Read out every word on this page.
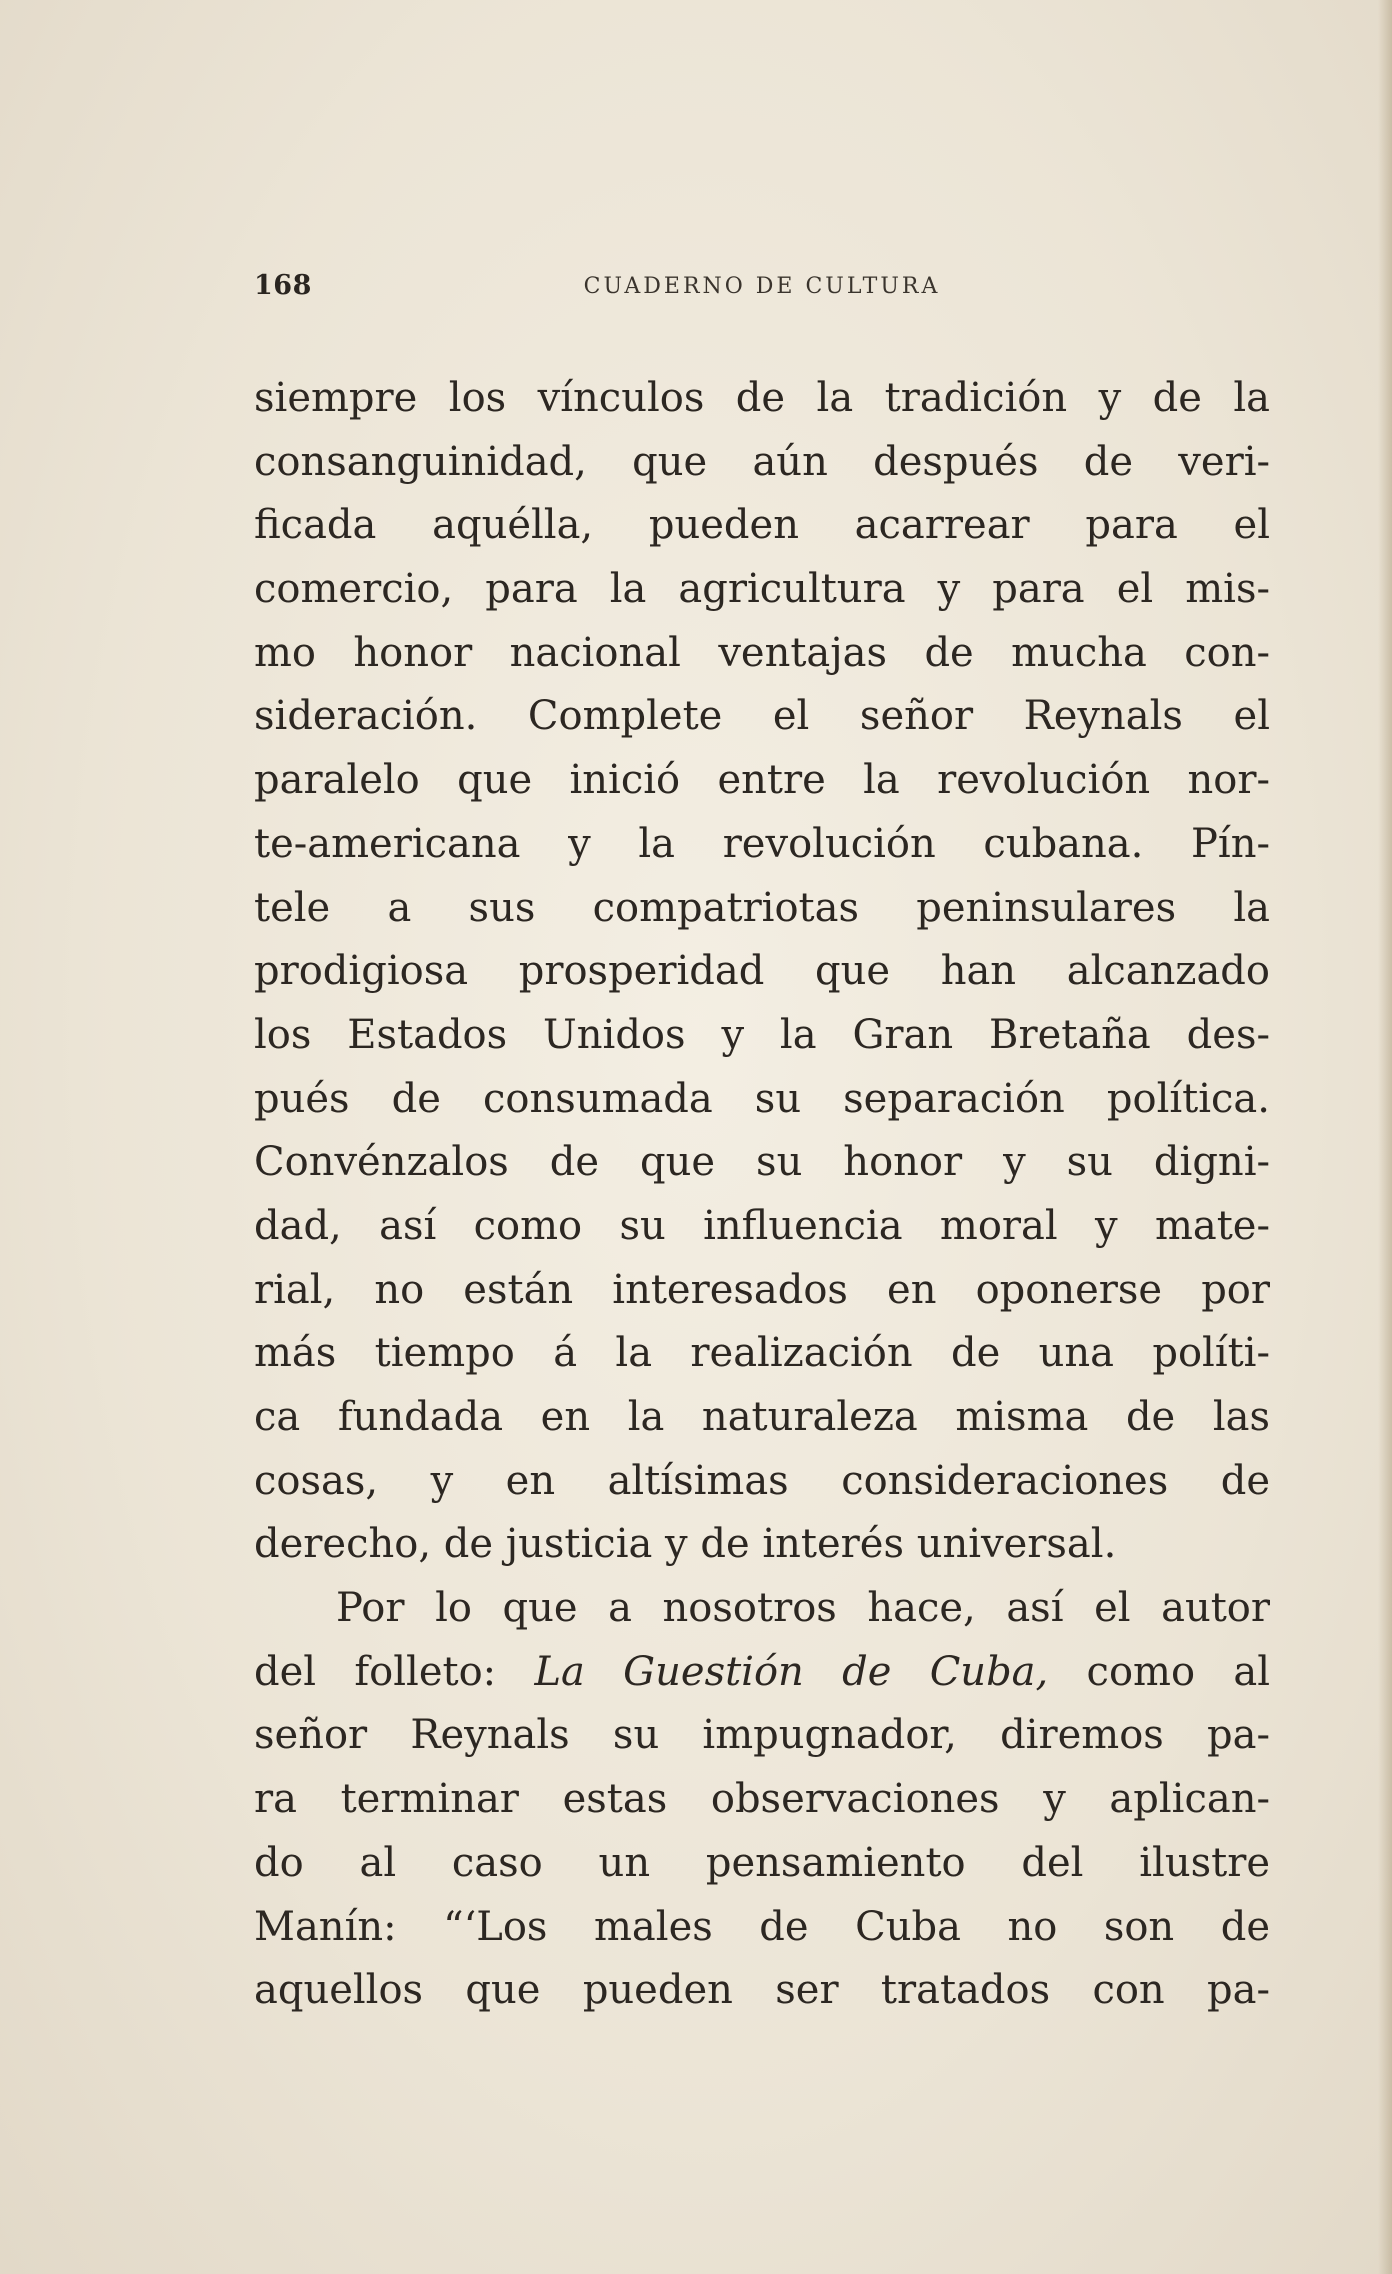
168	CUADERNO DE CULTURA
siempre los vínculos de la tradición y de la
consanguinidad, que aún después de veri-
ficada aquélla, pueden acarrear para el
comercio, para la agricultura y para el mis-
mo honor nacional ventajas de mucha con-
sideración. Complete el señor Reynals el
paralelo que inició entre la revolución nor-
te-americana y la revolución cubana. Pín-
tele a sus compatriotas peninsulares la
prodigiosa prosperidad que han alcanzado
los Estados Unidos y la Gran Bretaña des-
pués de consumada su separación política.
Convénzalos de que su honor y su digni-
dad, así como su influencia moral y mate-
rial, no están interesados en oponerse por
más tiempo á la realización de una políti-
ca fundada en la naturaleza misma de las
cosas, y en altísimas consideraciones de
derecho, de justicia y de interés universal.
Por lo que a nosotros hace, así el autor
del folleto: La Guestión de Cuba, como al
señor Reynals su impugnador, diremos pa-
ra terminar estas observaciones y aplican-
do al caso un pensamiento del ilustre
Manín: “‘Los males de Cuba no son de
aquellos que pueden ser tratados con pa-
